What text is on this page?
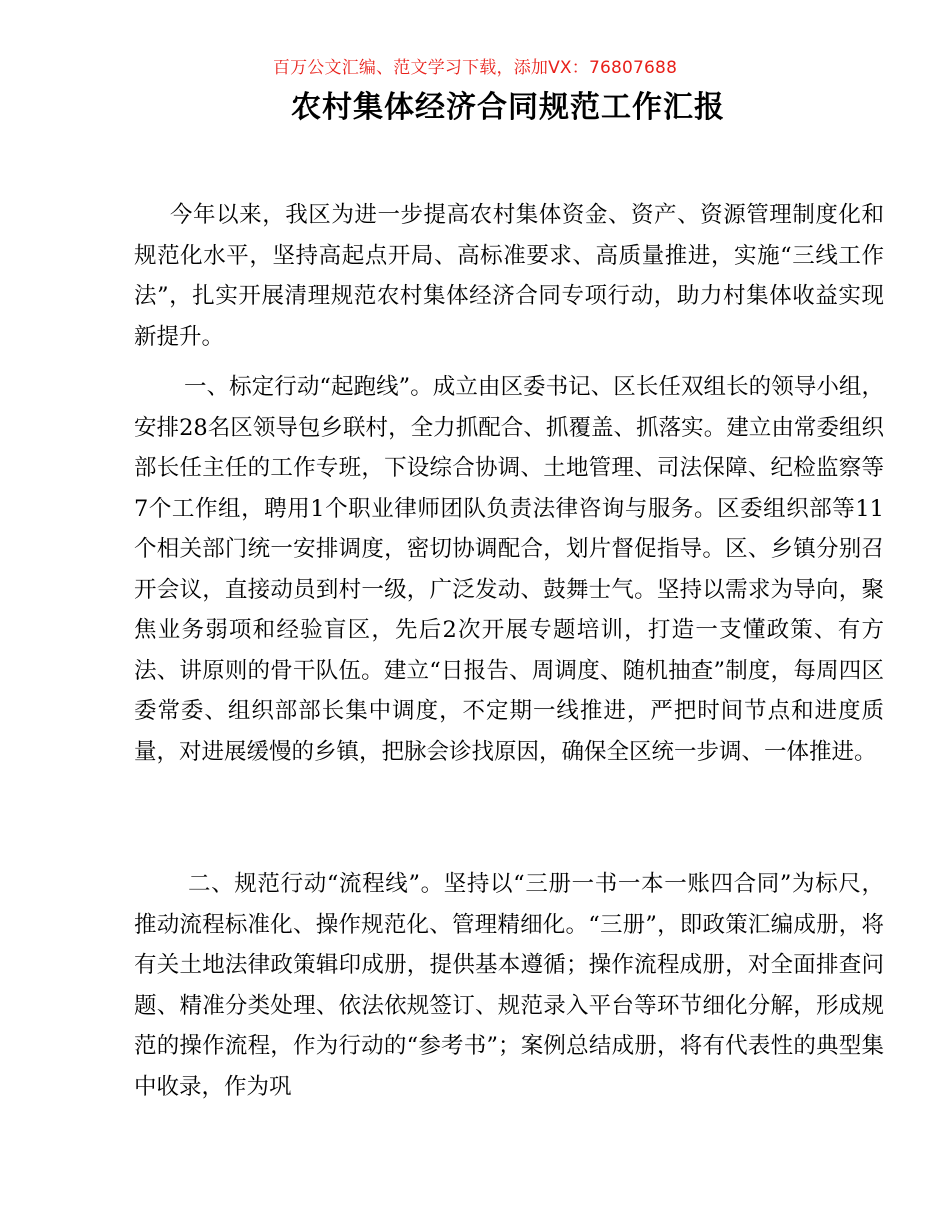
百万公文汇编、范文学习下载，添加VX：76807688
农村集体经济合同规范工作汇报

今年以来，我区为进一步提高农村集体资金、资产、资源管理制度化和规范化水平，坚持高起点开局、高标准要求、高质量推进，实施“三线工作法”，扎实开展清理规范农村集体经济合同专项行动，助力村集体收益实现新提升。

一、标定行动“起跑线”。成立由区委书记、区长任双组长的领导小组，安排28名区领导包乡联村，全力抓配合、抓覆盖、抓落实。建立由常委组织部长任主任的工作专班，下设综合协调、土地管理、司法保障、纪检监察等7个工作组，聘用1个职业律师团队负责法律咨询与服务。区委组织部等11个相关部门统一安排调度，密切协调配合，划片督促指导。区、乡镇分别召开会议，直接动员到村一级，广泛发动、鼓舞士气。坚持以需求为导向，聚焦业务弱项和经验盲区，先后2次开展专题培训，打造一支懂政策、有方法、讲原则的骨干队伍。建立“日报告、周调度、随机抽查”制度，每周四区委常委、组织部部长集中调度，不定期一线推进，严把时间节点和进度质量，对进展缓慢的乡镇，把脉会诊找原因，确保全区统一步调、一体推进。

二、规范行动“流程线”。坚持以“三册一书一本一账四合同”为标尺，推动流程标准化、操作规范化、管理精细化。“三册”，即政策汇编成册，将有关土地法律政策辑印成册，提供基本遵循；操作流程成册，对全面排查问题、精准分类处理、依法依规签订、规范录入平台等环节细化分解，形成规范的操作流程，作为行动的“参考书”；案例总结成册，将有代表性的典型集中收录，作为巩
